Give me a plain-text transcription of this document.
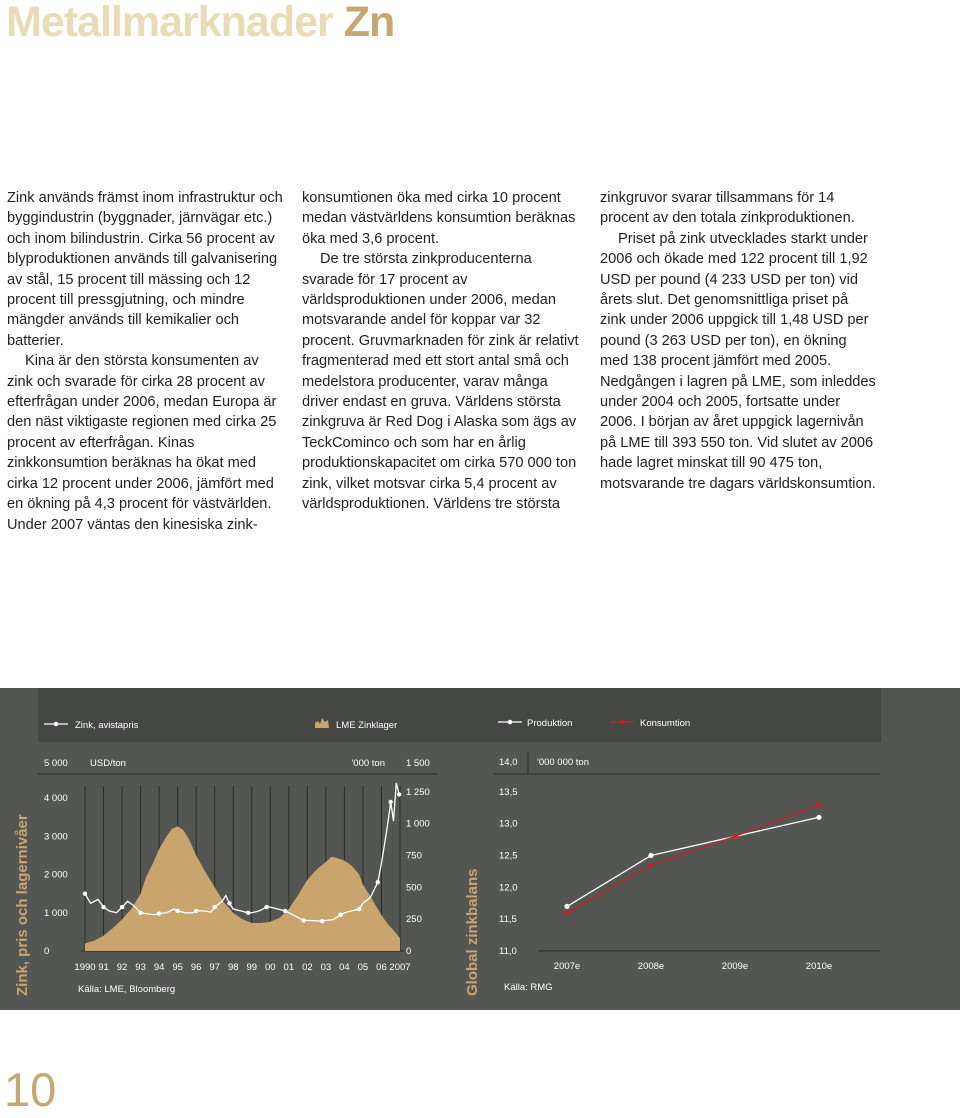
Metallmarknader Zn

Zink används främst inom infrastruktur och byggindustrin (byggnader, järnvägar etc.) och inom bilindustrin. Cirka 56 procent av blyproduktionen används till galvanisering av stål, 15 procent till mässing och 12 procent till pressgjutning, och mindre mängder används till kemikalier och batterier.

Kina är den största konsumenten av zink och svarade för cirka 28 procent av efterfrågan under 2006, medan Europa är den näst viktigaste regionen med cirka 25 procent av efterfrågan. Kinas zinkkonsumtion beräknas ha ökat med cirka 12 procent under 2006, jämfört med en ökning på 4,3 procent för västvärlden. Under 2007 väntas den kinesiska zink-

konsumtionen öka med cirka 10 procent medan västvärldens konsumtion beräknas öka med 3,6 procent.

De tre största zinkproducenterna svarade för 17 procent av världsproduktionen under 2006, medan motsvarande andel för koppar var 32 procent. Gruvmarknaden för zink är relativt fragmenterad med ett stort antal små och medelstora producenter, varav många driver endast en gruva. Världens största zinkgruva är Red Dog i Alaska som ägs av TeckCominco och som har en årlig produktionskapacitet om cirka 570 000 ton zink, vilket motsvar cirka 5,4 procent av världsproduktionen. Världens tre största

zinkgruvor svarar tillsammans för 14 procent av den totala zinkproduktionen.

Priset på zink utvecklades starkt under 2006 och ökade med 122 procent till 1,92 USD per pound (4 233 USD per ton) vid årets slut. Det genomsnittliga priset på zink under 2006 uppgick till 1,48 USD per pound (3 263 USD per ton), en ökning med 138 procent jämfört med 2005. Nedgången i lagren på LME, som inleddes under 2004 och 2005, fortsatte under 2006. I början av året uppgick lagernivån på LME till 393 550 ton. Vid slutet av 2006 hade lagret minskat till 90 475 ton, motsvarande tre dagars världskonsumtion.

Zink, avistapris	LME Zinklager
Zink, pris och lagernivåer
USD/ton	'000 ton
0
1 000
2 000
3 000
4 000
5 000
0
250
500
750
1 000
1 250
1 500
1990 91 92 93 94 95 96 97 98 99 00 01 02 03 04 05 06 2007
Källa: LME, Bloomberg
Produktion	Konsumtion
Global zinkbalans
'000 000 ton
11,0
11,5
12,0
12,5
13,0
13,5
14,0
2007e	2008e	2009e	2010e
Källa: RMG
10
